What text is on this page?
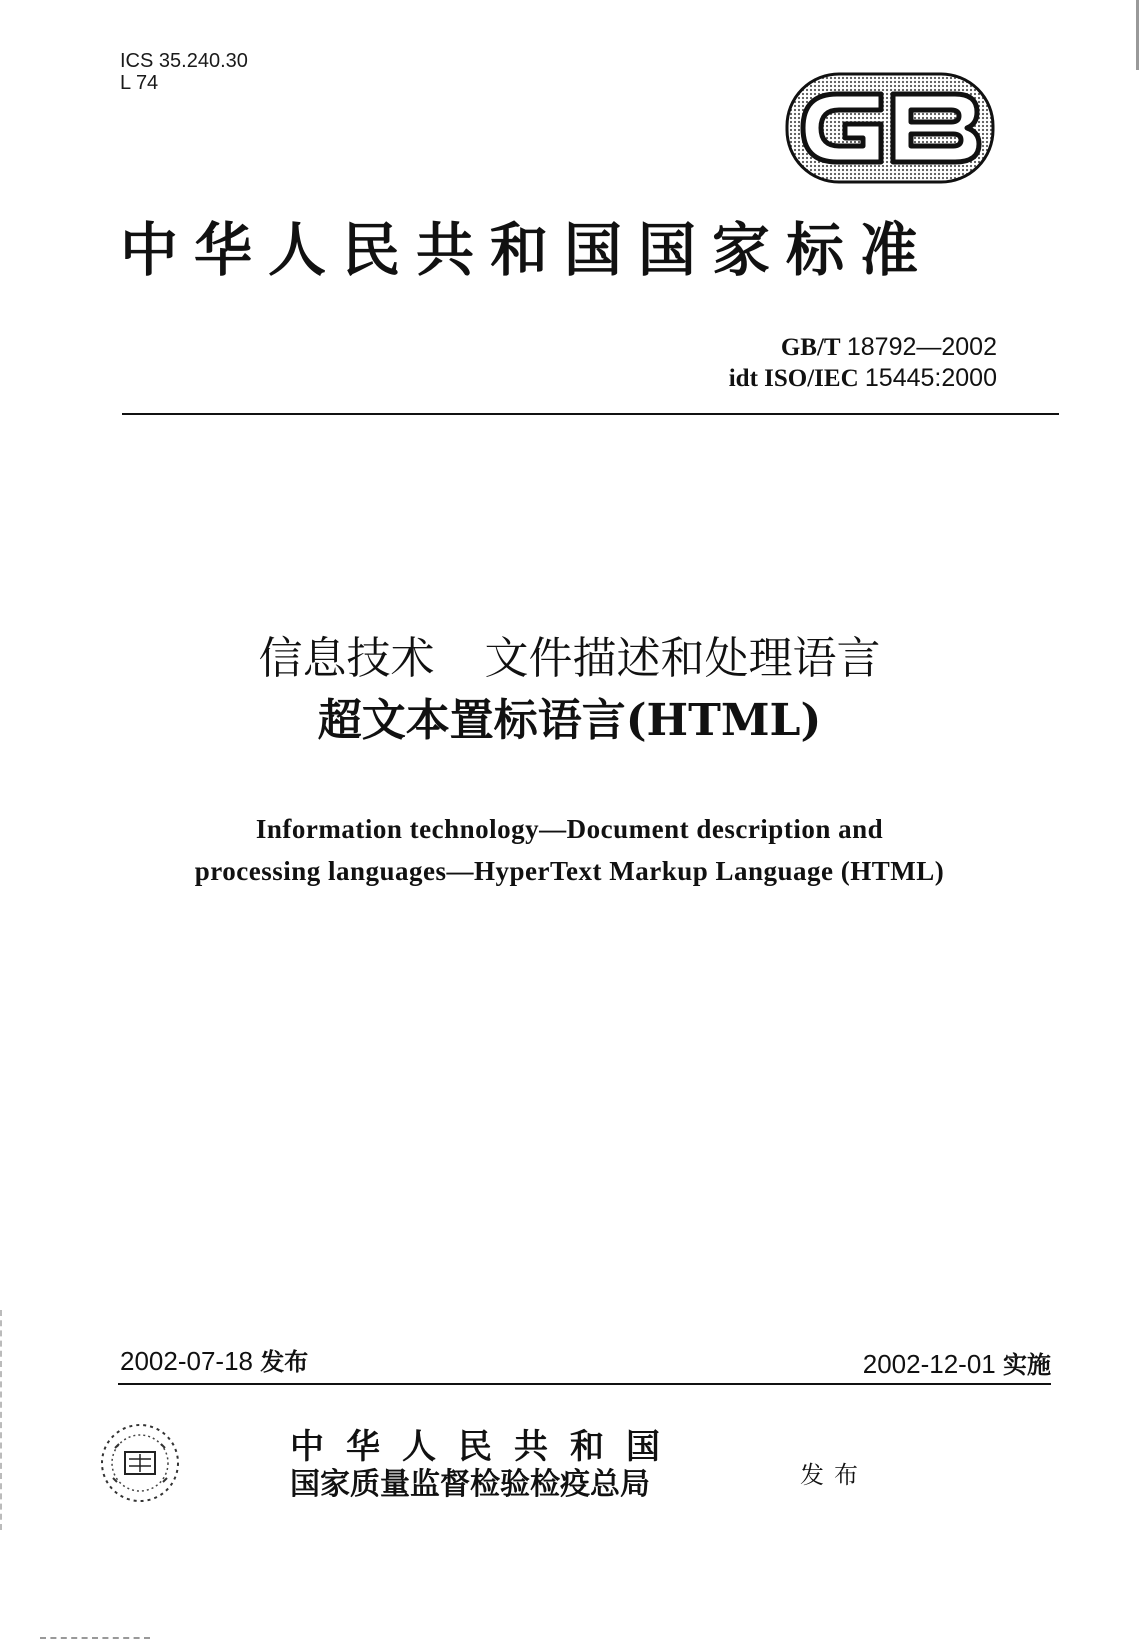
ICS 35.240.30
L 74
中华人民共和国国家标准
GB/T 18792—2002
idt ISO/IEC 15445:2000
信息技术 文件描述和处理语言
超文本置标语言(HTML)
Information technology—Document description and
processing languages—HyperText Markup Language (HTML)
2002-07-18 发布	2002-12-01 实施
中华人民共和国
国家质量监督检验检疫总局	发布
